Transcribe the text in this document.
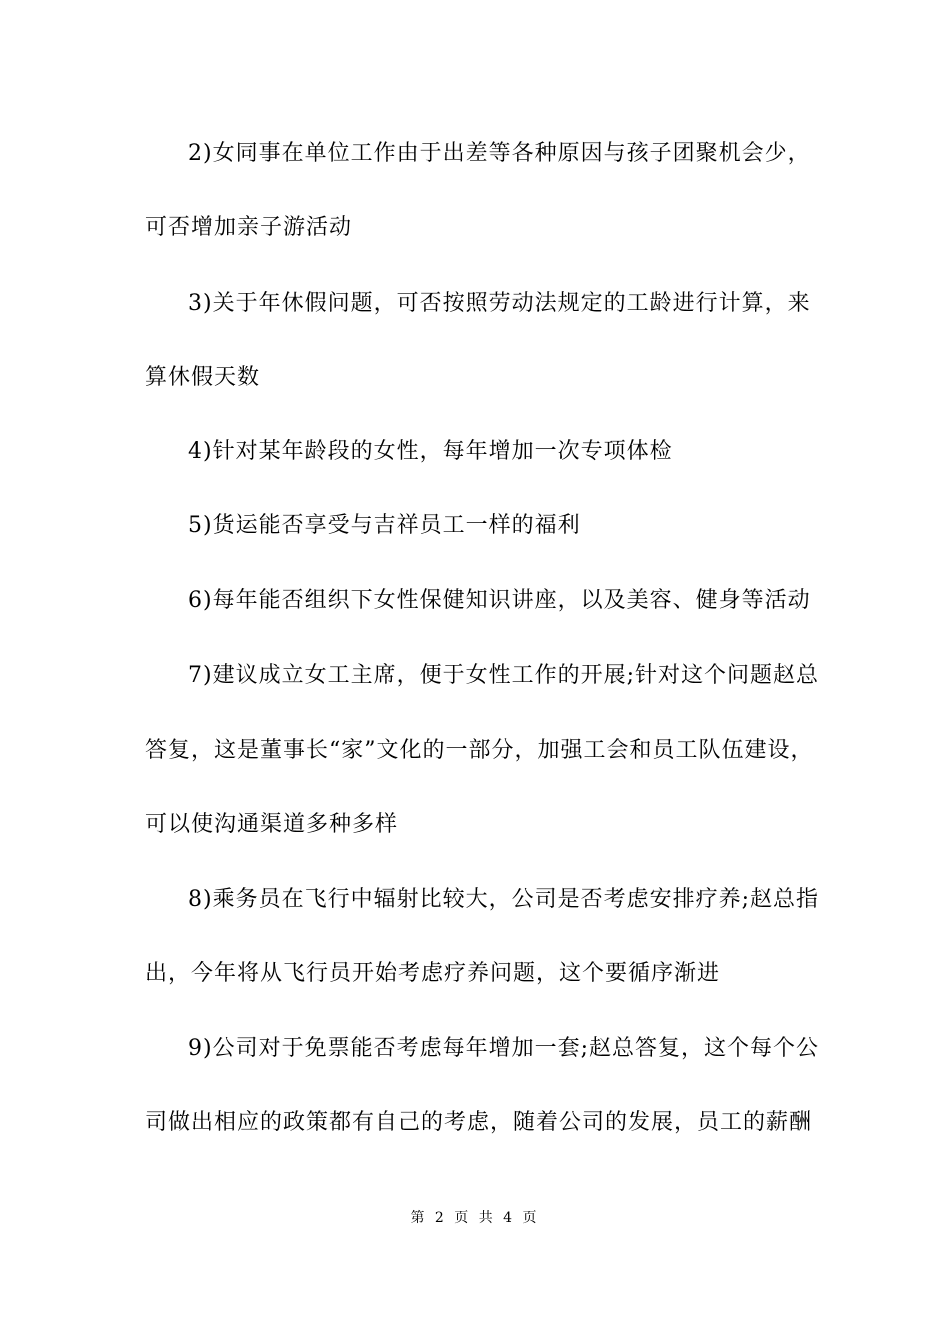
2)女同事在单位工作由于出差等各种原因与孩子团聚机会少，
可否增加亲子游活动
3)关于年休假问题，可否按照劳动法规定的工龄进行计算，来
算休假天数
4)针对某年龄段的女性，每年增加一次专项体检
5)货运能否享受与吉祥员工一样的福利
6)每年能否组织下女性保健知识讲座，以及美容、健身等活动
7)建议成立女工主席，便于女性工作的开展;针对这个问题赵总
答复，这是董事长“家”文化的一部分，加强工会和员工队伍建设，
可以使沟通渠道多种多样
8)乘务员在飞行中辐射比较大，公司是否考虑安排疗养;赵总指
出，今年将从飞行员开始考虑疗养问题，这个要循序渐进
9)公司对于免票能否考虑每年增加一套;赵总答复，这个每个公
司做出相应的政策都有自己的考虑，随着公司的发展，员工的薪酬
第 2 页 共 4 页
